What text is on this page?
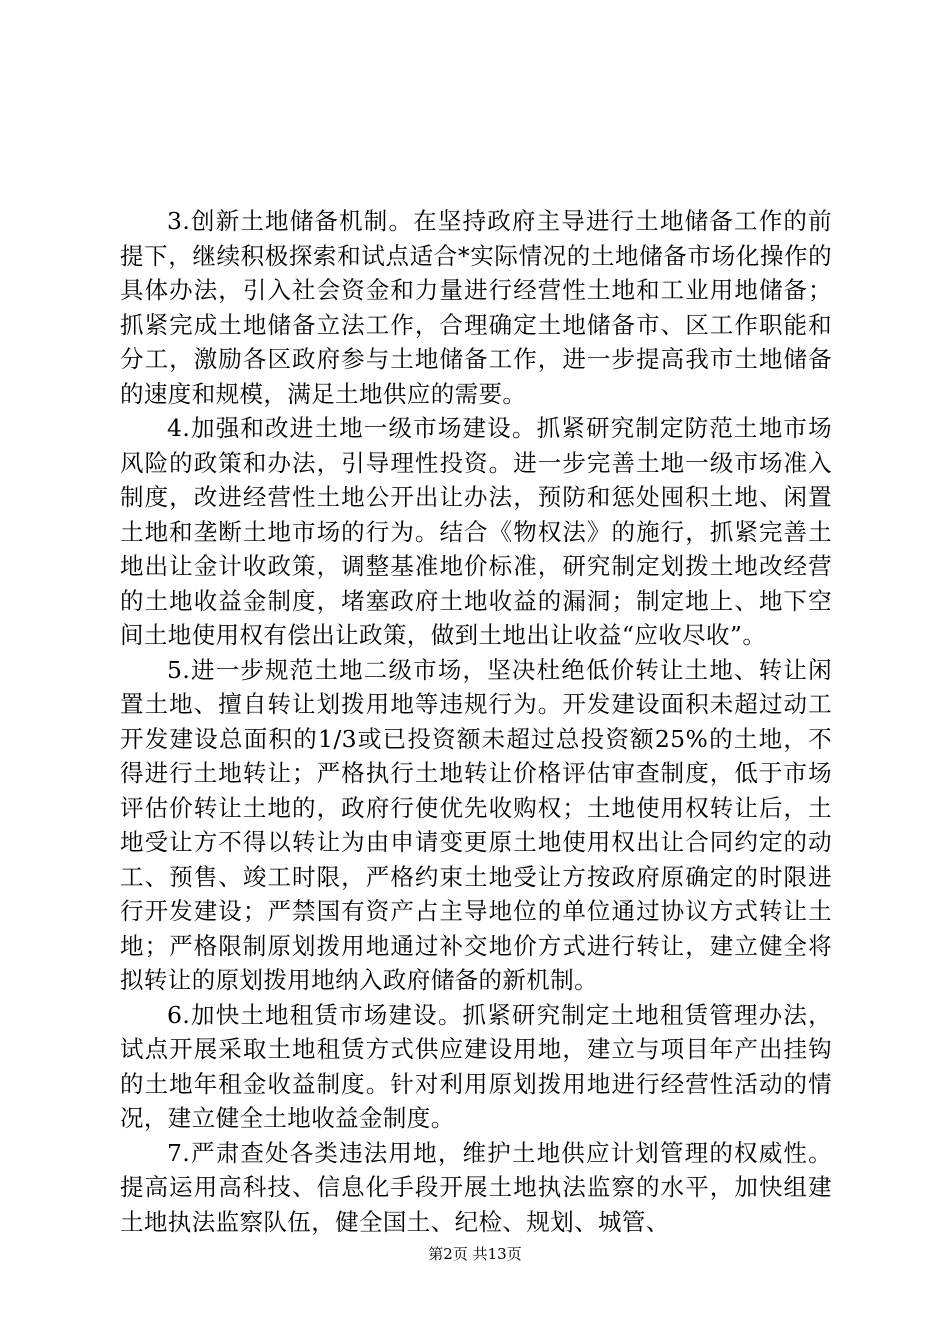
3.创新土地储备机制。在坚持政府主导进行土地储备工作的前提下，继续积极探索和试点适合*实际情况的土地储备市场化操作的具体办法，引入社会资金和力量进行经营性土地和工业用地储备；抓紧完成土地储备立法工作，合理确定土地储备市、区工作职能和分工，激励各区政府参与土地储备工作，进一步提高我市土地储备的速度和规模，满足土地供应的需要。

4.加强和改进土地一级市场建设。抓紧研究制定防范土地市场风险的政策和办法，引导理性投资。进一步完善土地一级市场准入制度，改进经营性土地公开出让办法，预防和惩处囤积土地、闲置土地和垄断土地市场的行为。结合《物权法》的施行，抓紧完善土地出让金计收政策，调整基准地价标准，研究制定划拨土地改经营的土地收益金制度，堵塞政府土地收益的漏洞；制定地上、地下空间土地使用权有偿出让政策，做到土地出让收益“应收尽收”。

5.进一步规范土地二级市场，坚决杜绝低价转让土地、转让闲置土地、擅自转让划拨用地等违规行为。开发建设面积未超过动工开发建设总面积的1/3或已投资额未超过总投资额25%的土地，不得进行土地转让；严格执行土地转让价格评估审查制度，低于市场评估价转让土地的，政府行使优先收购权；土地使用权转让后，土地受让方不得以转让为由申请变更原土地使用权出让合同约定的动工、预售、竣工时限，严格约束土地受让方按政府原确定的时限进行开发建设；严禁国有资产占主导地位的单位通过协议方式转让土地；严格限制原划拨用地通过补交地价方式进行转让，建立健全将拟转让的原划拨用地纳入政府储备的新机制。

6.加快土地租赁市场建设。抓紧研究制定土地租赁管理办法，试点开展采取土地租赁方式供应建设用地，建立与项目年产出挂钩的土地年租金收益制度。针对利用原划拨用地进行经营性活动的情况，建立健全土地收益金制度。

7.严肃查处各类违法用地，维护土地供应计划管理的权威性。提高运用高科技、信息化手段开展土地执法监察的水平，加快组建土地执法监察队伍，健全国土、纪检、规划、城管、

第2页 共13页
